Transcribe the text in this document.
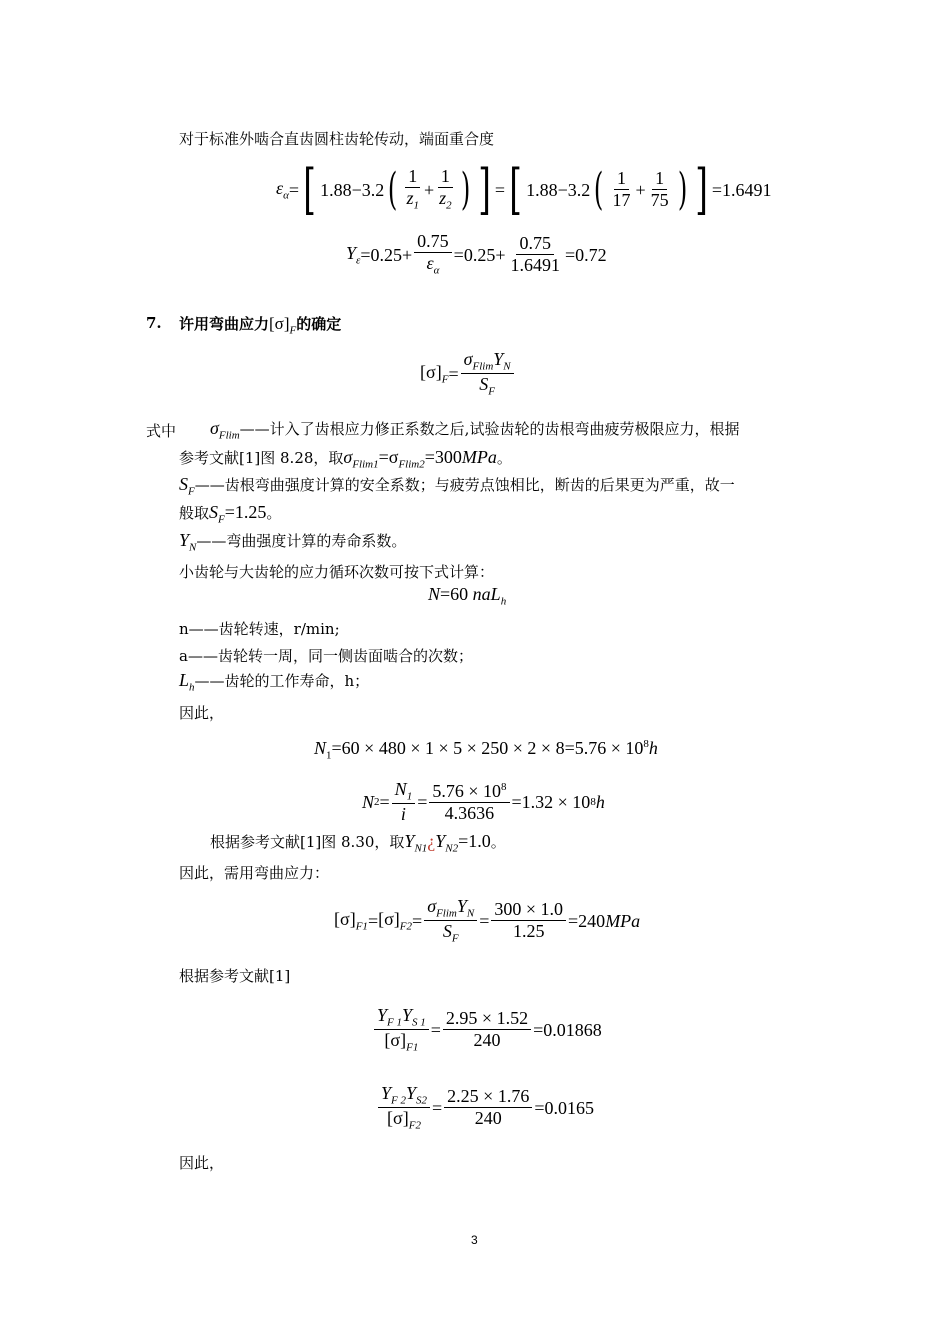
对于标准外啮合直齿圆柱齿轮传动，端面重合度
$\varepsilon_\alpha$ = [ 1.88−3.2 ( $\frac{1}{z_1} + \frac{1}{z_2}$ ) ] = [ 1.88−3.2 ( $\frac{1}{17} + \frac{1}{75}$ ) ] =1.6491
$Y_\varepsilon =0.25+ \frac{0.75}{\varepsilon_\alpha} =0.25+ \frac{0.75}{1.6491} =0.72$
7. 许用弯曲应力 $[\sigma]_F$ 的确定
$[\sigma]_F = \frac{\sigma_{Flim}Y_N}{S_F}$
式中 $\sigma_{Flim}$ ——计入了齿根应力修正系数之后,试验齿轮的齿根弯曲疲劳极限应力，根据
参考文献[1]图 8.28，取 $\sigma_{Flim1} =\sigma$ $_{Flim2}$ =300 MPa 。
$S_F$ ——齿根弯曲强度计算的安全系数；与疲劳点蚀相比，断齿的后果更为严重，故一
般取 $S_F =1.25$ 。
$Y_N$ ——弯曲强度计算的寿命系数。
小齿轮与大齿轮的应力循环次数可按下式计算：
N=60 naL$_h$
n——齿轮转速，r/min;
a——齿轮转一周，同一侧齿面啮合的次数；
$L_h$ ——齿轮的工作寿命，h；
因此，
$N_1=60 \times 480 \times 1 \times 5 \times 250 \times 2 \times 8=5.76 \times 10^8h$
N $2 = \frac{N_1}{i} = \frac{5.76 \times 10^8}{4.3636} =1.32 \times 10$ 8 h
根据参考文献[1]图 8.30，取 $Y_{N1}$ ¿ $Y_{N2} =1.0$ 。
因此，需用弯曲应力：
$[\sigma]_{F1} = [\sigma]_{F2} = \frac{\sigma_{Flim}Y_N}{S_F} = \frac{300 \times 1.0}{1.25} =240$ MPa
根据参考文献[1]
$\frac{Y_{F 1}Y_{S 1}}{[\sigma]_{F1}} = \frac{2.95 \times 1.52}{240} =0.01868$
$\frac{Y_{F 2}Y_{S2}}{[\sigma]_{F2}} = \frac{2.25 \times 1.76}{240} =0.0165$
因此，
3
